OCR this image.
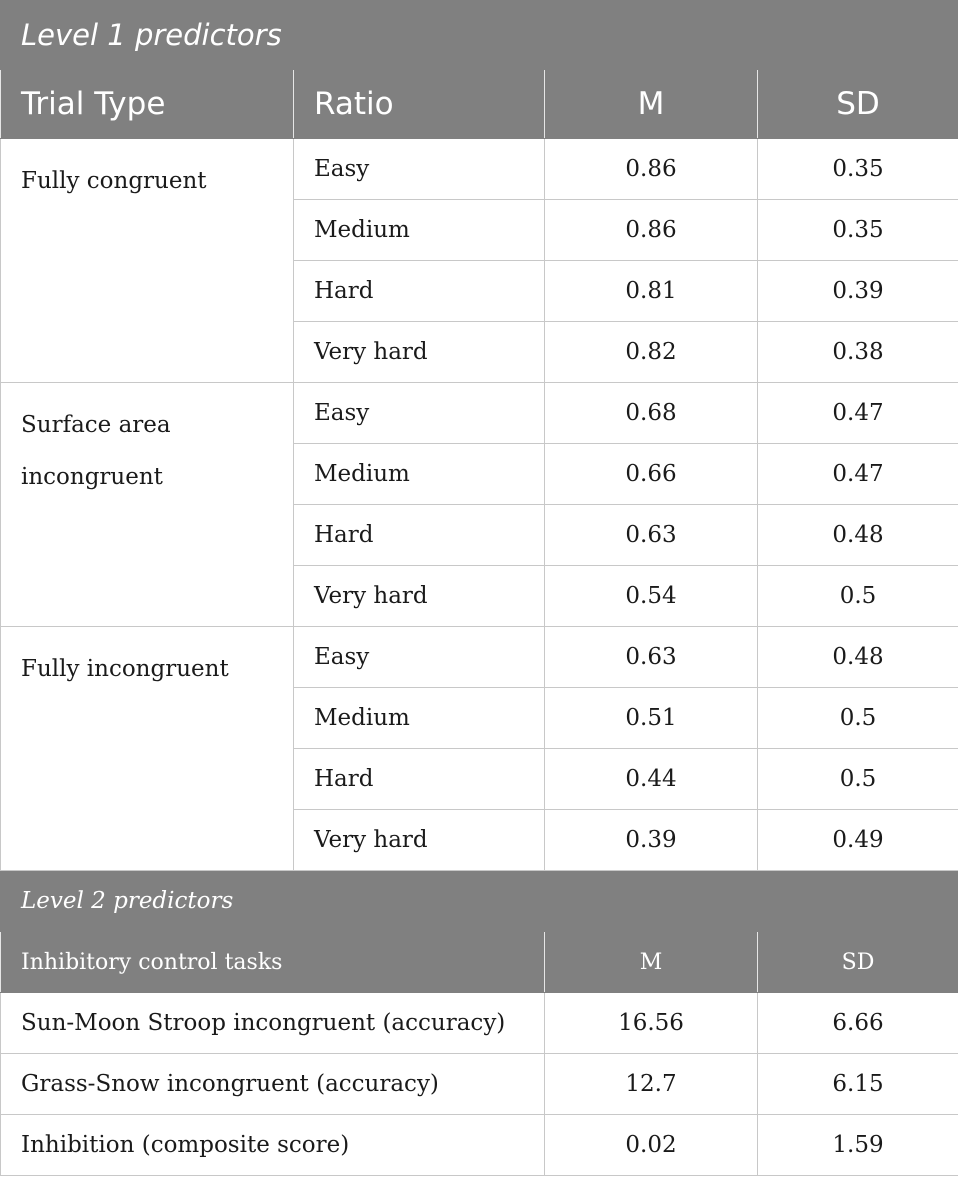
Level 1 predictors			
Trial Type	Ratio	M	SD
Fully congruent	Easy	0.86	0.35
	Medium	0.86	0.35
	Hard	0.81	0.39
	Very hard	0.82	0.38

Surface area
incongruent	Easy	0.68	0.47
	Medium	0.66	0.47
	Hard	0.63	0.48
	Very hard	0.54	0.5
Fully incongruent	Easy	0.63	0.48
	Medium	0.51	0.5
	Hard	0.44	0.5
	Very hard	0.39	0.49
Level 2 predictors			
Inhibitory control tasks		M	SD
Sun-Moon Stroop incongruent (accuracy)		16.56	6.66
Grass-Snow incongruent (accuracy)		12.7	6.15
Inhibition (composite score)		0.02	1.59
